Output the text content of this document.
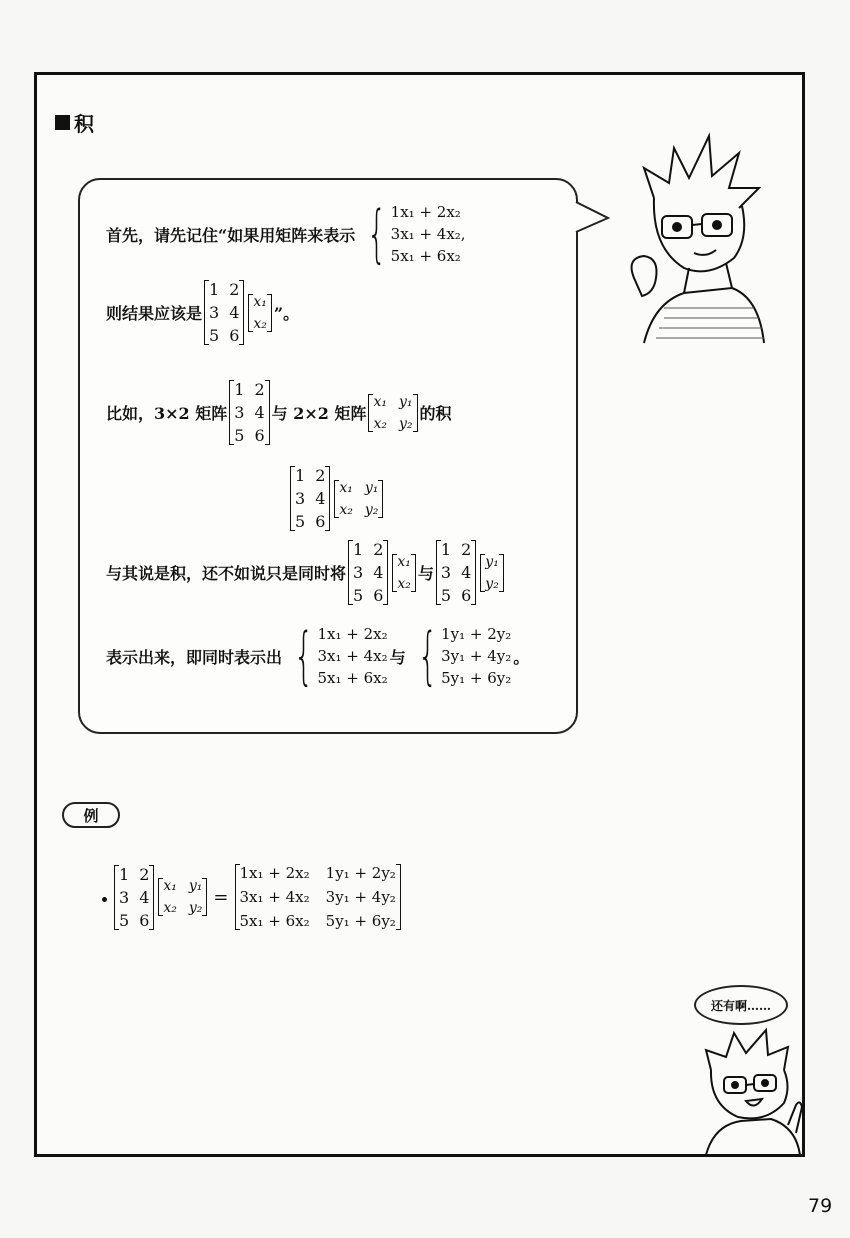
积
首先，请先记住“如果用矩阵来表示 { 1x₁ + 2x₂
3x₁ + 4x₂,
5x₁ + 6x₂
则结果应该是
1 2
3 4
5 6
x₁
x₂
”。
比如，3×2 矩阵
1 2
3 4
5 6
与 2×2 矩阵
x₁ y₁
x₂ y₂
的积
1 2
3 4
5 6
x₁ y₁
x₂ y₂
与其说是积，还不如说只是同时将
1 2
3 4
5 6
x₁
x₂
与
1 2
3 4
5 6
y₁
y₂
表示出来，即同时表示出 { 1x₁ + 2x₂
3x₁ + 4x₂
5x₁ + 6x₂
与 { 1y₁ + 2y₂
3y₁ + 4y₂
5y₁ + 6y₂
。
例
1 2
3 4
5 6
x₁ y₁
x₂ y₂
=
1x₁ + 2x₂ 1y₁ + 2y₂
3x₁ + 4x₂ 3y₁ + 4y₂
5x₁ + 6x₂ 5y₁ + 6y₂
还有啊……
79
